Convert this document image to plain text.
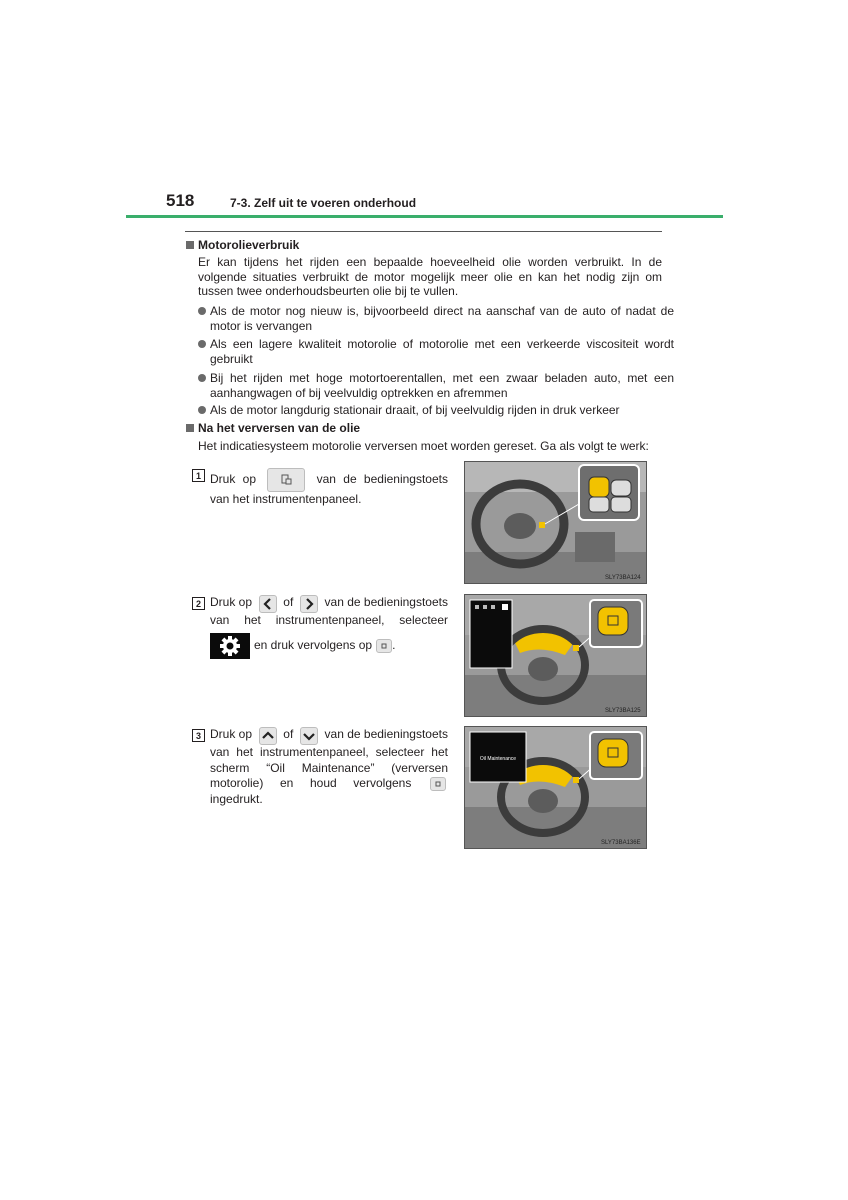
518	7-3. Zelf uit te voeren onderhoud
Motorolieverbruik
Er kan tijdens het rijden een bepaalde hoeveelheid olie worden verbruikt. In de volgende situaties verbruikt de motor mogelijk meer olie en kan het nodig zijn om tussen twee onderhoudsbeurten olie bij te vullen.
Als de motor nog nieuw is, bijvoorbeeld direct na aanschaf van de auto of nadat de motor is vervangen
Als een lagere kwaliteit motorolie of motorolie met een verkeerde viscositeit wordt gebruikt
Bij het rijden met hoge motortoerentallen, met een zwaar beladen auto, met een aanhangwagen of bij veelvuldig optrekken en afremmen
Als de motor langdurig stationair draait, of bij veelvuldig rijden in druk verkeer
Na het verversen van de olie
Het indicatiesysteem motorolie verversen moet worden gereset. Ga als volgt te werk:
1 Druk op	van de bedieningstoets van het instrumentenpaneel.
SLY73BA124
2 Druk op	of	van de bedieningstoets
van het instrumentenpaneel, selecteer
en druk vervolgens op .
SLY73BA125
3 Druk op	of	van de bedieningstoets
van het instrumentenpaneel, selecteer het scherm “Oil Maintenance” (verversen motorolie) en houd vervolgens  ingedrukt.
Oil Maintenance
SLY73BA136E
